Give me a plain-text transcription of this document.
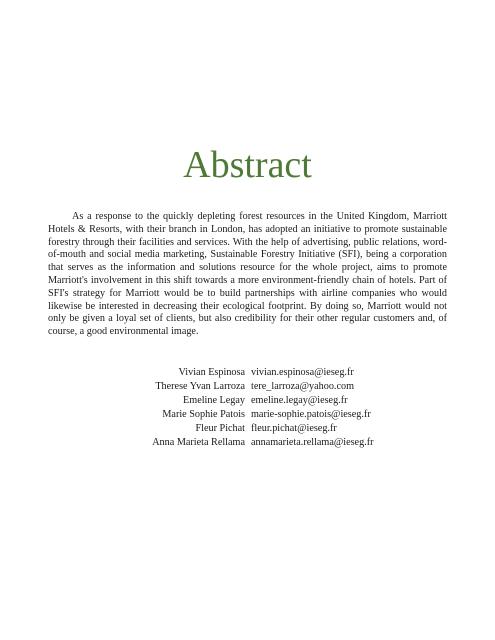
Abstract

As a response to the quickly depleting forest resources in the United Kingdom, Marriott Hotels & Resorts, with their branch in London, has adopted an initiative to promote sustainable forestry through their facilities and services. With the help of advertising, public relations, word-of-mouth and social media marketing, Sustainable Forestry Initiative (SFI), being a corporation that serves as the information and solutions resource for the whole project, aims to promote Marriott's involvement in this shift towards a more environment-friendly chain of hotels. Part of SFI's strategy for Marriott would be to build partnerships with airline companies who would likewise be interested in decreasing their ecological footprint. By doing so, Marriott would not only be given a loyal set of clients, but also credibility for their other regular customers and, of course, a good environmental image.

Vivian Espinosa	vivian.espinosa@ieseg.fr
Therese Yvan Larroza	tere_larroza@yahoo.com
Emeline Legay	emeline.legay@ieseg.fr
Marie Sophie Patois	marie-sophie.patois@ieseg.fr
Fleur Pichat	fleur.pichat@ieseg.fr
Anna Marieta Rellama	annamarieta.rellama@ieseg.fr
